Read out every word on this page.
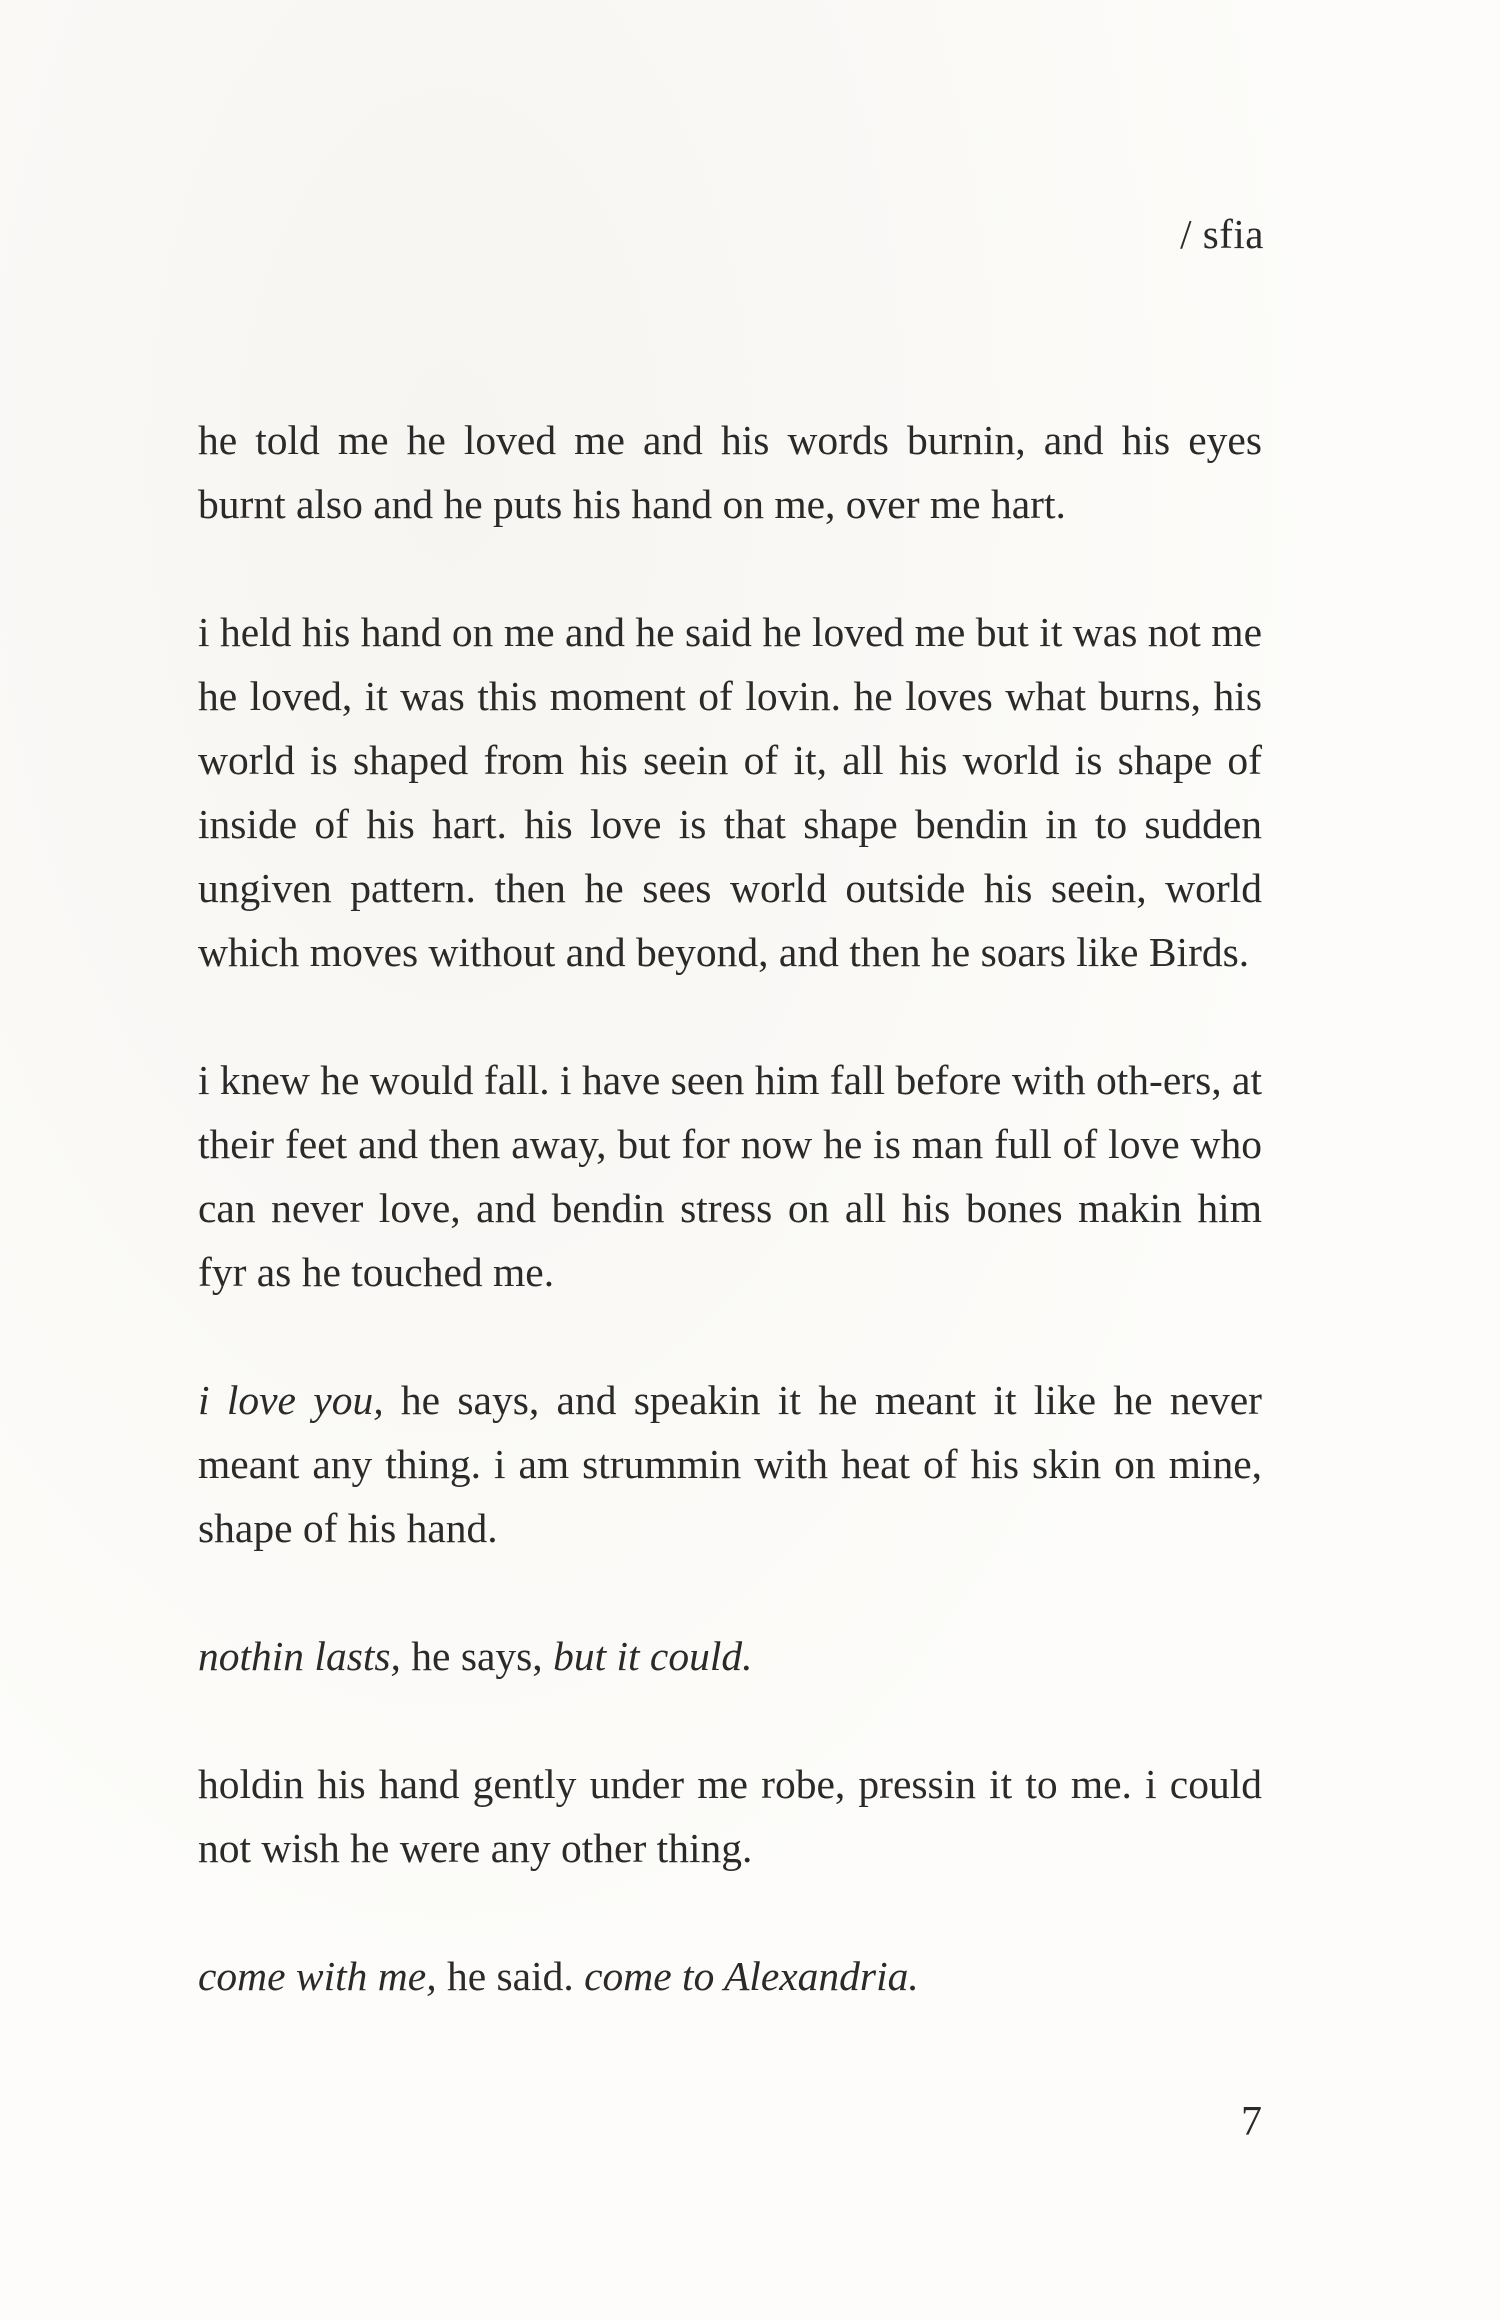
/ sfia

he told me he loved me and his words burnin, and his eyes burnt also and he puts his hand on me, over me hart.

i held his hand on me and he said he loved me but it was not me he loved, it was this moment of lovin. he loves what burns, his world is shaped from his seein of it, all his world is shape of inside of his hart. his love is that shape bendin in to sudden ungiven pattern. then he sees world outside his seein, world which moves without and beyond, and then he soars like Birds.

i knew he would fall. i have seen him fall before with oth-ers, at their feet and then away, but for now he is man full of love who can never love, and bendin stress on all his bones makin him fyr as he touched me.

i love you, he says, and speakin it he meant it like he never meant any thing. i am strummin with heat of his skin on mine, shape of his hand.

nothin lasts, he says, but it could.

holdin his hand gently under me robe, pressin it to me. i could not wish he were any other thing.

come with me, he said. come to Alexandria.

7
